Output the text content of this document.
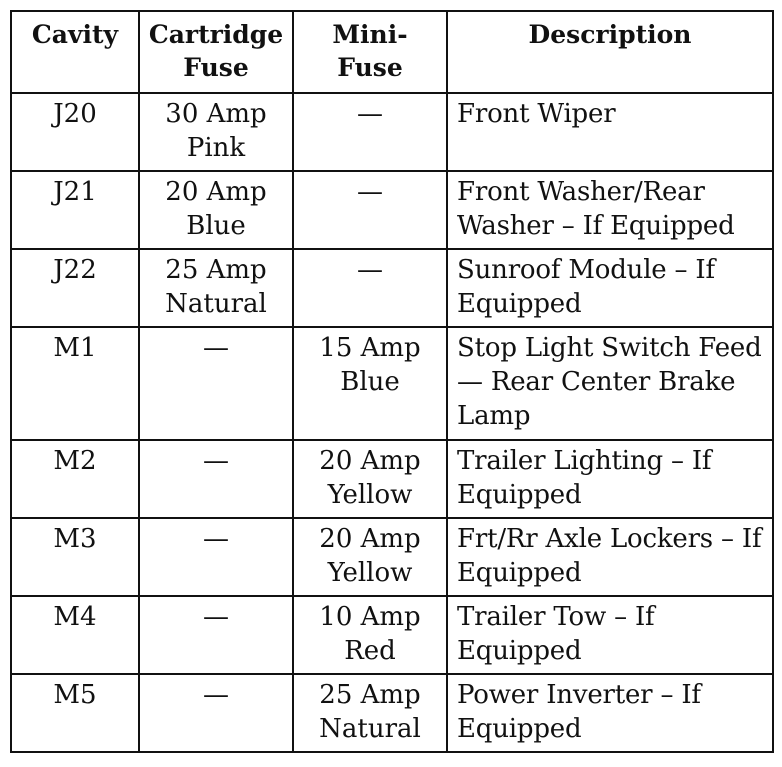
Cavity	Cartridge Fuse	Mini-Fuse	Description
J20	30 Amp Pink	—	Front Wiper
J21	20 Amp Blue	—	Front Washer/Rear Washer – If Equipped
J22	25 Amp Natural	—	Sunroof Module – If Equipped
M1	—	15 Amp Blue	Stop Light Switch Feed — Rear Center Brake Lamp
M2	—	20 Amp Yellow	Trailer Lighting – If Equipped
M3	—	20 Amp Yellow	Frt/Rr Axle Lockers – If Equipped
M4	—	10 Amp Red	Trailer Tow – If Equipped
M5	—	25 Amp Natural	Power Inverter – If Equipped
